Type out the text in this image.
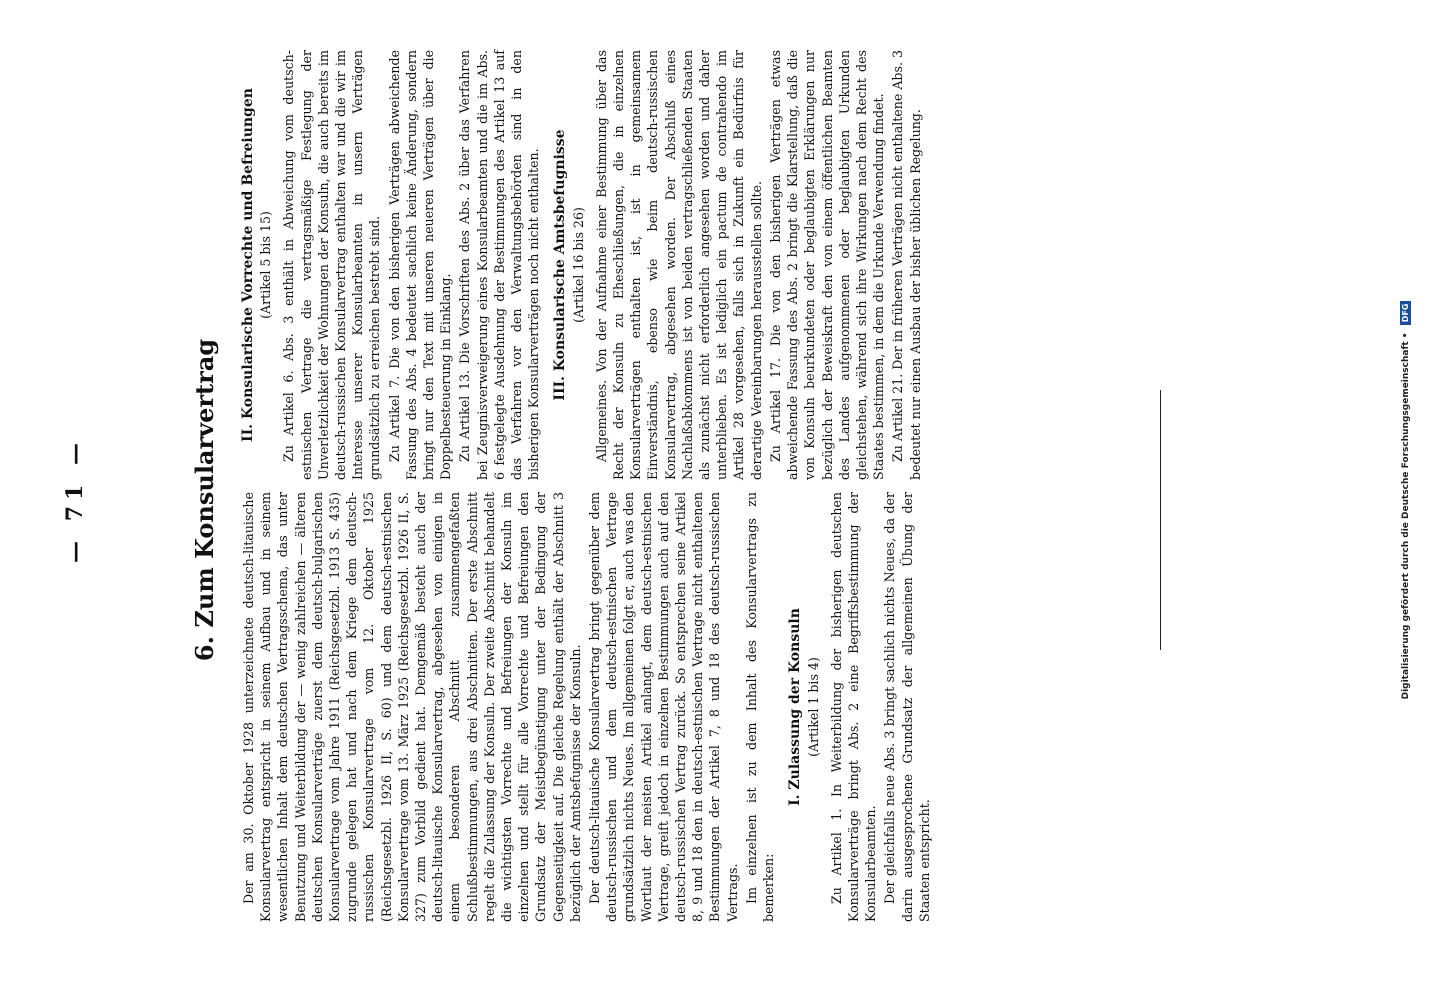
— 71 —	6. Zum Konsularvertrag Der am 30. Oktober 1928 unterzeichnete deutsch-litauische Konsularvertrag entspricht in seinem Aufbau und in seinem wesentlichen Inhalt dem deutschen Vertragsschema, das unter Benutzung und Weiterbildung der — wenig zahlreichen — älteren deutschen Konsularverträge zuerst dem deutsch-bulgarischen Konsularvertrage vom Jahre 1911 (Reichsgesetzbl. 1913 S. 435) zugrunde gelegen hat und nach dem Kriege dem deutsch-russischen Konsularvertrage vom 12. Oktober 1925 (Reichsgesetzbl. 1926 II, S. 60) und dem deutsch-estnischen Konsularvertrage vom 13. März 1925 (Reichsgesetzbl. 1926 II, S. 327) zum Vorbild gedient hat. Demgemäß besteht auch der deutsch-litauische Konsularvertrag, abgesehen von einigen in einem besonderen Abschnitt zusammengefaßten Schlußbestimmungen, aus drei Abschnitten. Der erste Abschnitt regelt die Zulassung der Konsuln. Der zweite Abschnitt behandelt die wichtigsten Vorrechte und Befreiungen der Konsuln im einzelnen und stellt für alle Vorrechte und Befreiungen den Grundsatz der Meistbegünstigung unter der Bedingung der Gegenseitigkeit auf. Die gleiche Regelung enthält der Abschnitt 3 bezüglich der Amtsbefugnisse der Konsuln. Der deutsch-litauische Konsularvertrag bringt gegenüber dem deutsch-russischen und dem deutsch-estnischen Vertrage grundsätzlich nichts Neues. Im allgemeinen folgt er, auch was den Wortlaut der meisten Artikel anlangt, dem deutsch-estnischen Vertrage, greift jedoch in einzelnen Bestimmungen auch auf den deutsch-russischen Vertrag zurück. So entsprechen seine Artikel 8, 9 und 18 den in deutsch-estnischen Vertrage nicht enthaltenen Bestimmungen der Artikel 7, 8 und 18 des deutsch-russischen Vertrags. Im einzelnen ist zu dem Inhalt des Konsularvertrags zu bemerken:

I. Zulassung der Konsuln (Artikel 1 bis 4) Zu Artikel 1. In Weiterbildung der bisherigen deutschen Konsularverträge bringt Abs. 2 eine Begriffsbestimmung der Konsularbeamten. Der gleichfalls neue Abs. 3 bringt sachlich nichts Neues, da der darin ausgesprochene Grundsatz der allgemeinen Übung der Staaten entspricht.

II. Konsularische Vorrechte und Befreiungen (Artikel 5 bis 15) Zu Artikel 6. Abs. 3 enthält in Abweichung vom deutsch-estnischen Vertrage die vertragsmäßige Festlegung der Unverletzlichkeit der Wohnungen der Konsuln, die auch bereits im deutsch-russischen Konsularvertrag enthalten war und die wir im Interesse unserer Konsularbeamten in unsern Verträgen grundsätzlich zu erreichen bestrebt sind. Zu Artikel 7. Die von den bisherigen Verträgen abweichende Fassung des Abs. 4 bedeutet sachlich keine Änderung, sondern bringt nur den Text mit unseren neueren Verträgen über die Doppelbesteuerung in Einklang. Zu Artikel 13. Die Vorschriften des Abs. 2 über das Verfahren bei Zeugnisverweigerung eines Konsularbeamten und die im Abs. 6 festgelegte Ausdehnung der Bestimmungen des Artikel 13 auf das Verfahren vor den Verwaltungsbehörden sind in den bisherigen Konsularverträgen noch nicht enthalten. III. Konsularische Amtsbefugnisse (Artikel 16 bis 26) Allgemeines. Von der Aufnahme einer Bestimmung über das Recht der Konsuln zu Eheschließungen, die in einzelnen Konsularverträgen enthalten ist, ist in gemeinsamem Einverständnis, ebenso wie beim deutsch-russischen Konsularvertrag, abgesehen worden. Der Abschluß eines Nachlaßabkommens ist von beiden vertragschließenden Staaten als zunächst nicht erforderlich angesehen worden und daher unterblieben. Es ist lediglich ein pactum de contrahendo im Artikel 28 vorgesehen, falls sich in Zukunft ein Bedürfnis für derartige Vereinbarungen herausstellen sollte. Zu Artikel 17. Die von den bisherigen Verträgen etwas abweichende Fassung des Abs. 2 bringt die Klarstellung, daß die von Konsuln beurkundeten oder beglaubigten Erklärungen nur bezüglich der Beweiskraft den von einem öffentlichen Beamten des Landes aufgenommenen oder beglaubigten Urkunden gleichstehen, während sich ihre Wirkungen nach dem Recht des Staates bestimmen, in dem die Urkunde Verwendung findet. Zu Artikel 21. Der in früheren Verträgen nicht enthaltene Abs. 3 bedeutet nur einen Ausbau der bisher üblichen Regelung.

Digitalisierung gefördert durch die Deutsche Forschungsgemeinschaft • DFG
